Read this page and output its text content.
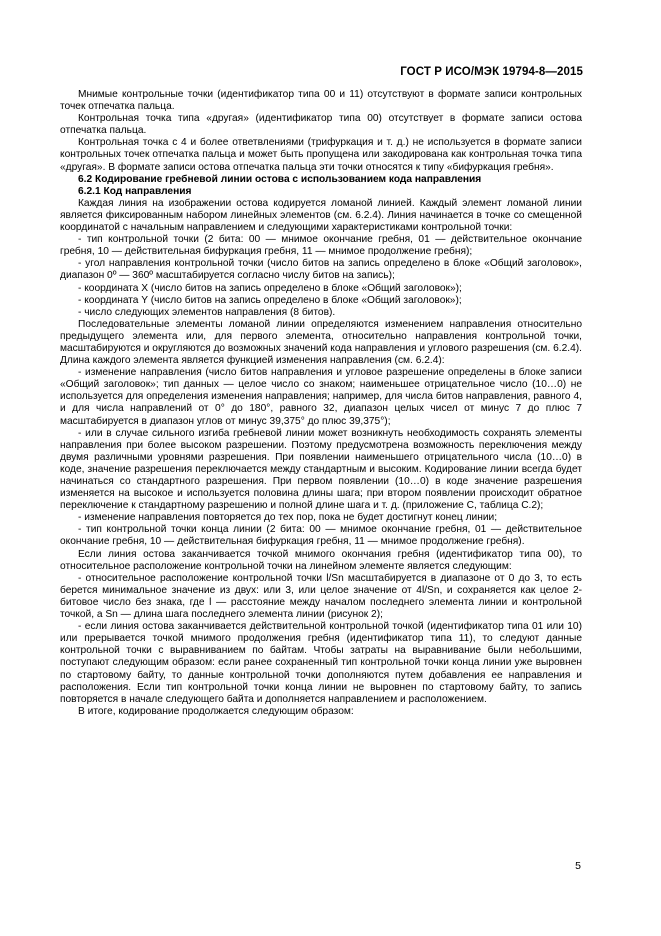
ГОСТ Р ИСО/МЭК 19794-8—2015

Мнимые контрольные точки (идентификатор типа 00 и 11) отсутствуют в формате записи контрольных точек отпечатка пальца.

Контрольная точка типа «другая» (идентификатор типа 00) отсутствует в формате записи остова отпечатка пальца.

Контрольная точка с 4 и более ответвлениями (трифуркация и т. д.) не используется в формате записи контрольных точек отпечатка пальца и может быть пропущена или закодирована как контрольная точка типа «другая». В формате записи остова отпечатка пальца эти точки относятся к типу «бифуркация гребня».

6.2 Кодирование гребневой линии остова с использованием кода направления

6.2.1 Код направления

Каждая линия на изображении остова кодируется ломаной линией. Каждый элемент ломаной линии является фиксированным набором линейных элементов (см. 6.2.4). Линия начинается в точке со смещенной координатой с начальным направлением и следующими характеристиками контрольной точки:

- тип контрольной точки (2 бита: 00 — мнимое окончание гребня, 01 — действительное окончание гребня, 10 — действительная бифуркация гребня, 11 — мнимое продолжение гребня);

- угол направления контрольной точки (число битов на запись определено в блоке «Общий заголовок», диапазон 0º — 360º масштабируется согласно числу битов на запись);

- координата X (число битов на запись определено в блоке «Общий заголовок»);

- координата Y (число битов на запись определено в блоке «Общий заголовок»);

- число следующих элементов направления (8 битов).

Последовательные элементы ломаной линии определяются изменением направления относительно предыдущего элемента или, для первого элемента, относительно направления контрольной точки, масштабируются и округляются до возможных значений кода направления и углового разрешения (см. 6.2.4). Длина каждого элемента является функцией изменения направления (см. 6.2.4):

- изменение направления (число битов направления и угловое разрешение определены в блоке записи «Общий заголовок»; тип данных — целое число со знаком; наименьшее отрицательное число (10…0) не используется для определения изменения направления; например, для числа битов направления, равного 4, и для числа направлений от 0° до 180°, равного 32, диапазон целых чисел от минус 7 до плюс 7 масштабируется в диапазон углов от минус 39,375° до плюс 39,375°);

- или в случае сильного изгиба гребневой линии может возникнуть необходимость сохранять элементы направления при более высоком разрешении. Поэтому предусмотрена возможность переключения между двумя различными уровнями разрешения. При появлении наименьшего отрицательного числа (10…0) в коде, значение разрешения переключается между стандартным и высоким. Кодирование линии всегда будет начинаться со стандартного разрешения. При первом появлении (10…0) в коде значение разрешения изменяется на высокое и используется половина длины шага; при втором появлении происходит обратное переключение к стандартному разрешению и полной длине шага и т. д. (приложение C, таблица C.2);

- изменение направления повторяется до тех пор, пока не будет достигнут конец линии;

- тип контрольной точки конца линии (2 бита: 00 — мнимое окончание гребня, 01 — действительное окончание гребня, 10 — действительная бифуркация гребня, 11 — мнимое продолжение гребня).

Если линия остова заканчивается точкой мнимого окончания гребня (идентификатор типа 00), то относительное расположение контрольной точки на линейном элементе является следующим:

- относительное расположение контрольной точки l/Sn масштабируется в диапазоне от 0 до 3, то есть берется минимальное значение из двух: или 3, или целое значение от 4l/Sn, и сохраняется как целое 2-битовое число без знака, где l — расстояние между началом последнего элемента линии и контрольной точкой, а Sn — длина шага последнего элемента линии (рисунок 2);

- если линия остова заканчивается действительной контрольной точкой (идентификатор типа 01 или 10) или прерывается точкой мнимого продолжения гребня (идентификатор типа 11), то следуют данные контрольной точки с выравниванием по байтам. Чтобы затраты на выравнивание были небольшими, поступают следующим образом: если ранее сохраненный тип контрольной точки конца линии уже выровнен по стартовому байту, то данные контрольной точки дополняются путем добавления ее направления и расположения. Если тип контрольной точки конца линии не выровнен по стартовому байту, то запись повторяется в начале следующего байта и дополняется направлением и расположением.

В итоге, кодирование продолжается следующим образом:

5
